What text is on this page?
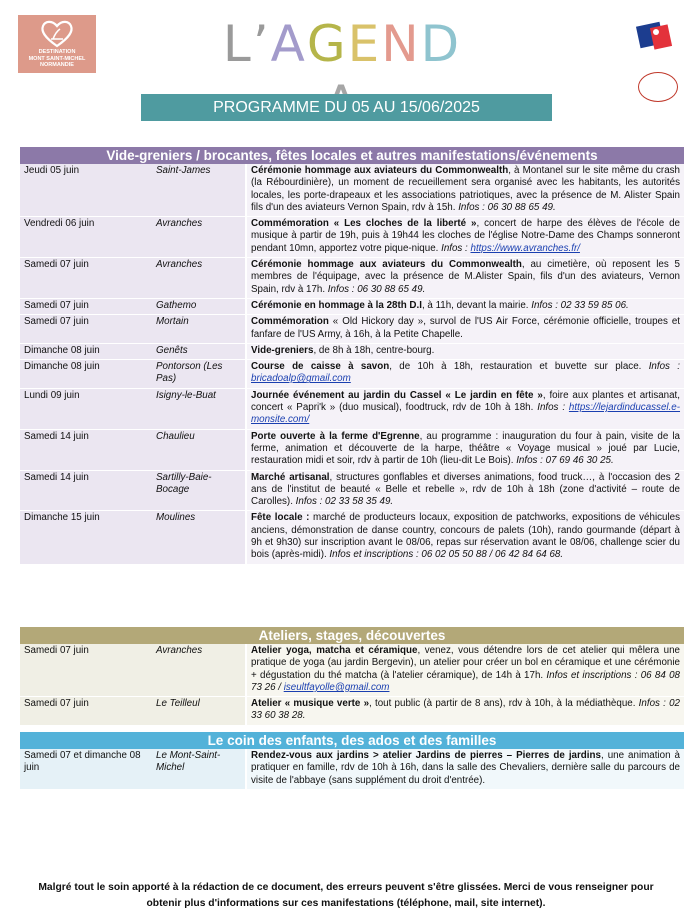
DESTINATION
MONT SAINT-MICHEL
NORMANDIE	L’AGEND
PROGRAMME DU 05 AU 15/06/2025
Vide-greniers / brocantes, fêtes locales et autres manifestations/événements
Jeudi 05 juin	Saint-James	Cérémonie hommage aux aviateurs du Commonwealth, à Montanel sur le site même du crash (la Rébourdinière), un moment de recueillement sera organisé avec les habitants, les autorités locales, les porte-drapeaux et les associations patriotiques, avec la présence de M. Alister Spain fils d'un des aviateurs Vernon Spain, rdv à 15h. Infos : 06 30 88 65 49.
Vendredi 06 juin	Avranches	Commémoration « Les cloches de la liberté », concert de harpe des élèves de l'école de musique à partir de 19h, puis à 19h44 les cloches de l'église Notre-Dame des Champs sonneront pendant 10mn, apportez votre pique-nique. Infos : https://www.avranches.fr/
Samedi 07 juin	Avranches	Cérémonie hommage aux aviateurs du Commonwealth, au cimetière, où reposent les 5 membres de l'équipage, avec la présence de M.Alister Spain, fils d'un des aviateurs, Vernon Spain, rdv à 17h. Infos : 06 30 88 65 49.
Samedi 07 juin	Gathemo	Cérémonie en hommage à la 28th D.I, à 11h, devant la mairie. Infos : 02 33 59 85 06.
Samedi 07 juin	Mortain	Commémoration « Old Hickory day », survol de l'US Air Force, cérémonie officielle, troupes et fanfare de l'US Army, à 16h, à la Petite Chapelle.
Dimanche 08 juin	Genêts	Vide-greniers, de 8h à 18h, centre-bourg.
Dimanche 08 juin	Pontorson (Les Pas)	Course de caisse à savon, de 10h à 18h, restauration et buvette sur place. Infos : bricadoalp@gmail.com
Lundi 09 juin	Isigny-le-Buat	Journée événement au jardin du Cassel « Le jardin en fête », foire aux plantes et artisanat, concert « Papri'k » (duo musical), foodtruck, rdv de 10h à 18h. Infos : https://lejardinducassel.e-monsite.com/
Samedi 14 juin	Chaulieu	Porte ouverte à la ferme d'Egrenne, au programme : inauguration du four à pain, visite de la ferme, animation et découverte de la harpe, théâtre « Voyage musical » joué par Lucie, restauration midi et soir, rdv à partir de 10h (lieu-dit Le Bois). Infos : 07 69 46 30 25.
Samedi 14 juin	Sartilly-Baie-Bocage	Marché artisanal, structures gonflables et diverses animations, food truck…, à l'occasion des 2 ans de l'institut de beauté « Belle et rebelle », rdv de 10h à 18h (zone d'activité – route de Carolles). Infos : 02 33 58 35 49.
Dimanche 15 juin	Moulines	Fête locale : marché de producteurs locaux, exposition de patchworks, expositions de véhicules anciens, démonstration de danse country, concours de palets (10h), rando gourmande (départ à 9h et 9h30) sur inscription avant le 08/06, repas sur réservation avant le 08/06, challenge scier du bois (après-midi). Infos et inscriptions : 06 02 05 50 88 / 06 42 84 64 68.
Ateliers, stages, découvertes
Samedi 07 juin	Avranches	Atelier yoga, matcha et céramique, venez, vous détendre lors de cet atelier qui mêlera une pratique de yoga (au jardin Bergevin), un atelier pour créer un bol en céramique et une cérémonie + dégustation du thé matcha (à l'atelier céramique), de 14h à 17h. Infos et inscriptions : 06 84 08 73 26 / iseultfayolle@gmail.com
Samedi 07 juin	Le Teilleul	Atelier « musique verte », tout public (à partir de 8 ans), rdv à 10h, à la médiathèque. Infos : 02 33 60 38 28.
Le coin des enfants, des ados et des familles
Samedi 07 et dimanche 08 juin	Le Mont-Saint-Michel	Rendez-vous aux jardins > atelier Jardins de pierres – Pierres de jardins, une animation à pratiquer en famille, rdv de 10h à 16h, dans la salle des Chevaliers, dernière salle du parcours de visite de l'abbaye (sans supplément du droit d'entrée).
Malgré tout le soin apporté à la rédaction de ce document, des erreurs peuvent s'être glissées. Merci de vous renseigner pour obtenir plus d'informations sur ces manifestations (téléphone, mail, site internet).
